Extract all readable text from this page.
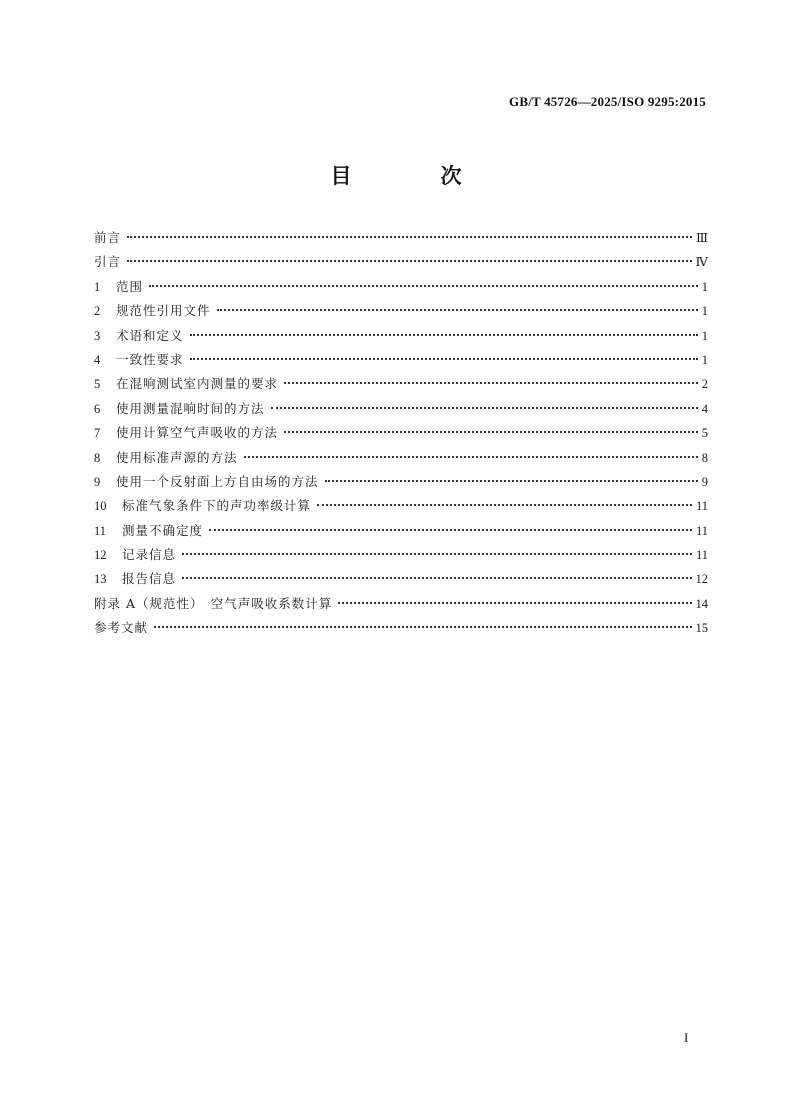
GB/T 45726—2025/ISO 9295:2015
目　次
前言	Ⅲ
引言	Ⅳ
1	范围	1
2	规范性引用文件	1
3	术语和定义	1
4	一致性要求	1
5	在混响测试室内测量的要求	2
6	使用测量混响时间的方法	4
7	使用计算空气声吸收的方法	5
8	使用标准声源的方法	8
9	使用一个反射面上方自由场的方法	9
10	标准气象条件下的声功率级计算	11
11	测量不确定度	11
12	记录信息	11
13	报告信息	12
附录 A（规范性）　空气声吸收系数计算	14
参考文献	15
I
